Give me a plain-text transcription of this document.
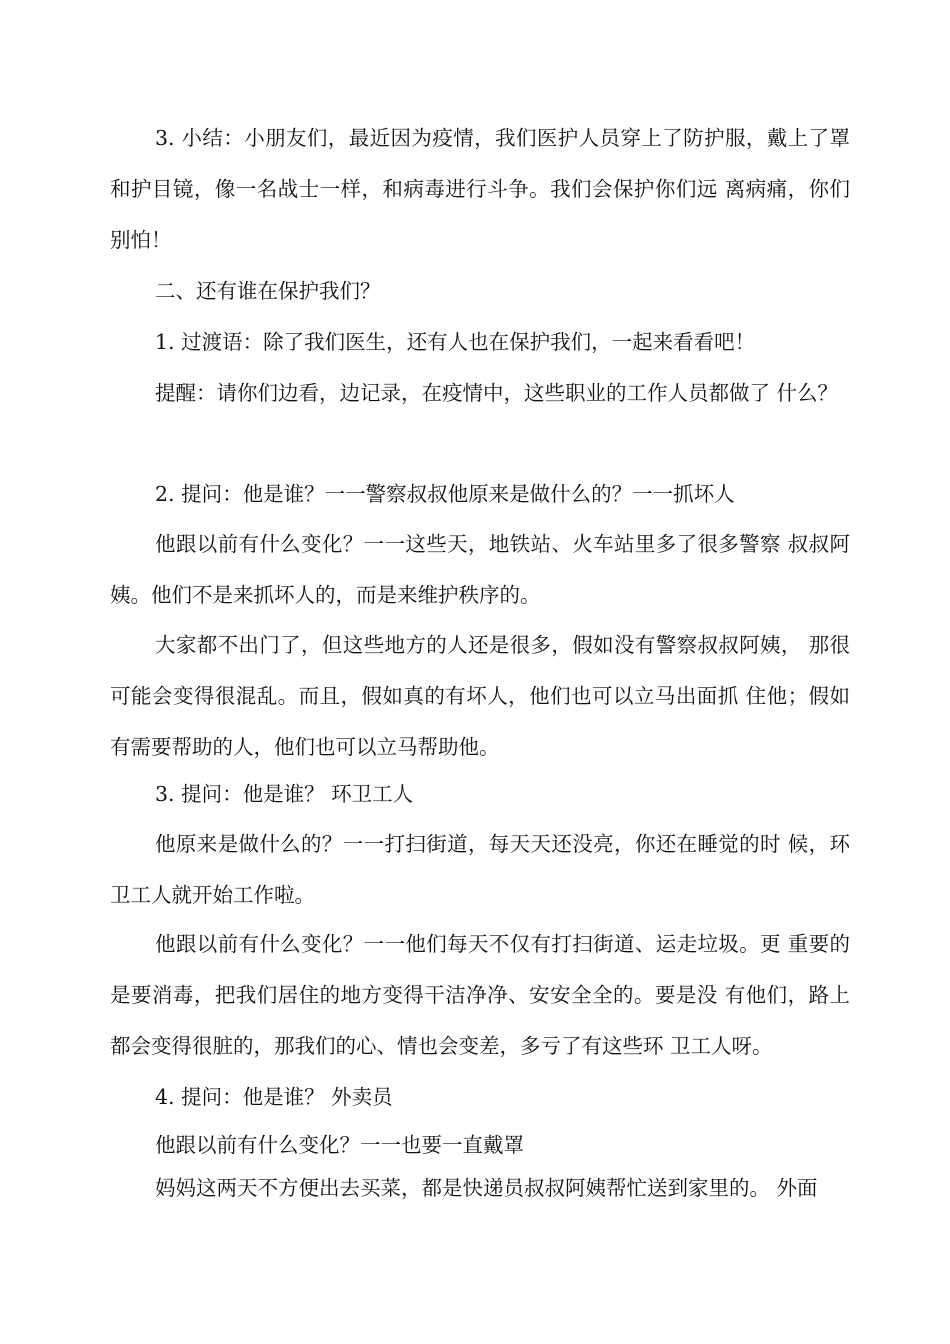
3. 小结：小朋友们，最近因为疫情，我们医护人员穿上了防护服，戴上了罩和护目镜，像一名战士一样，和病毒进行斗争。我们会保护你们远 离病痛，你们别怕！

二、还有谁在保护我们？

1. 过渡语：除了我们医生，还有人也在保护我们，一起来看看吧！

提醒：请你们边看，边记录，在疫情中，这些职业的工作人员都做了 什么？

2. 提问：他是谁？一一警察叔叔他原来是做什么的？一一抓坏人

他跟以前有什么变化？一一这些天，地铁站、火车站里多了很多警察 叔叔阿姨。他们不是来抓坏人的，而是来维护秩序的。

大家都不出门了，但这些地方的人还是很多，假如没有警察叔叔阿姨， 那很可能会变得很混乱。而且，假如真的有坏人，他们也可以立马出面抓 住他；假如有需要帮助的人，他们也可以立马帮助他。

3. 提问：他是谁？ 环卫工人

他原来是做什么的？一一打扫街道，每天天还没亮，你还在睡觉的时 候，环卫工人就开始工作啦。

他跟以前有什么变化？一一他们每天不仅有打扫街道、运走垃圾。更 重要的是要消毒，把我们居住的地方变得干洁净净、安安全全的。要是没 有他们，路上都会变得很脏的，那我们的心、情也会变差，多亏了有这些环 卫工人呀。

4. 提问：他是谁？ 外卖员

他跟以前有什么变化？一一也要一直戴罩

妈妈这两天不方便出去买菜，都是快递员叔叔阿姨帮忙送到家里的。 外面
